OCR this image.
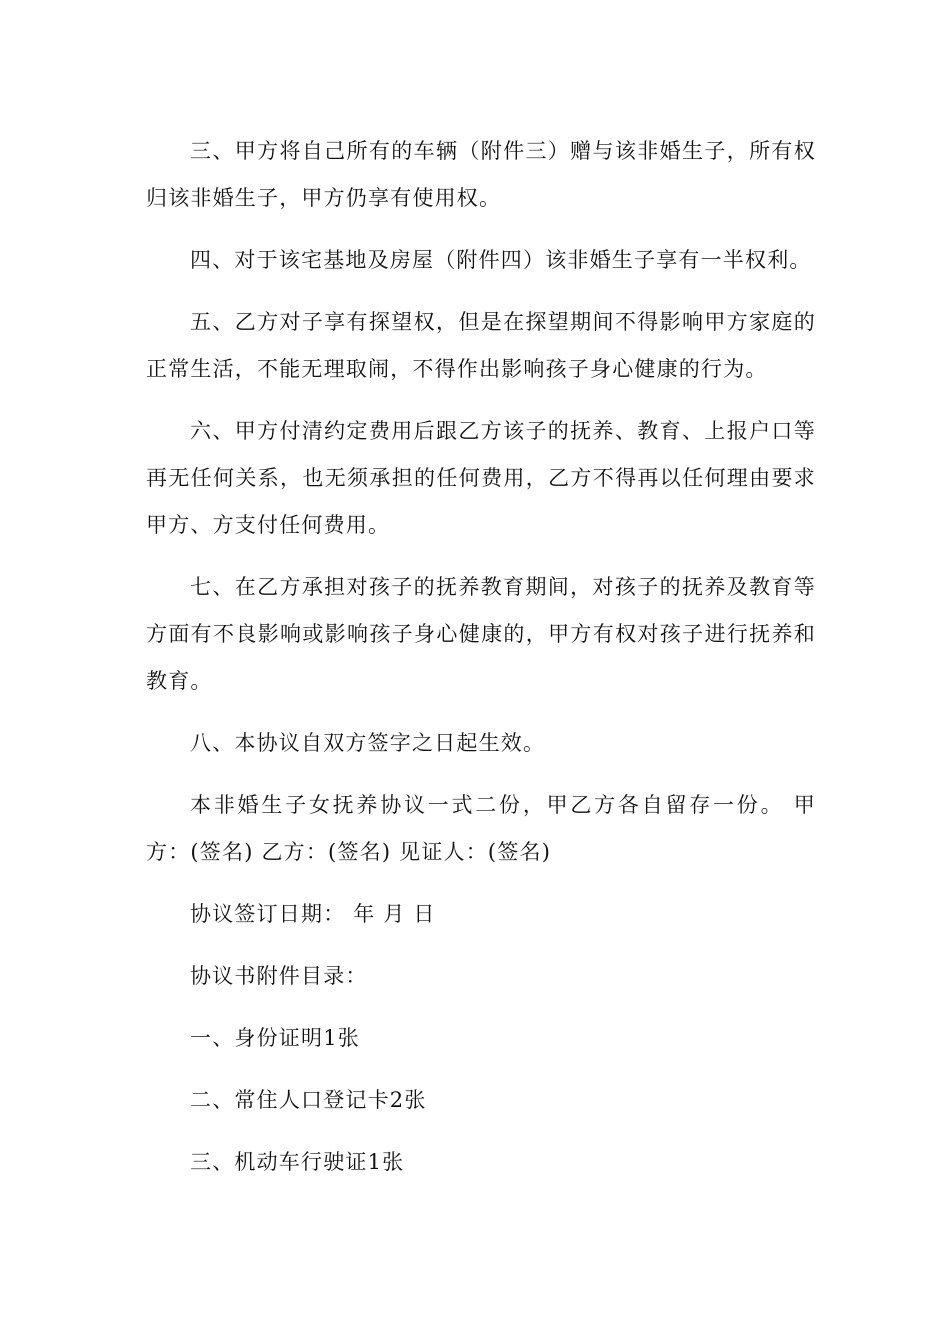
三、甲方将自己所有的车辆（附件三）赠与该非婚生子，所有权归该非婚生子，甲方仍享有使用权。

四、对于该宅基地及房屋（附件四）该非婚生子享有一半权利。

五、乙方对子享有探望权，但是在探望期间不得影响甲方家庭的正常生活，不能无理取闹，不得作出影响孩子身心健康的行为。

六、甲方付清约定费用后跟乙方该子的抚养、教育、上报户口等再无任何关系，也无须承担的任何费用，乙方不得再以任何理由要求甲方、方支付任何费用。

七、在乙方承担对孩子的抚养教育期间，对孩子的抚养及教育等方面有不良影响或影响孩子身心健康的，甲方有权对孩子进行抚养和教育。

八、本协议自双方签字之日起生效。

本非婚生子女抚养协议一式二份，甲乙方各自留存一份。 甲方：(签名) 乙方：(签名) 见证人：(签名)

协议签订日期： 年 月 日

协议书附件目录：

一、身份证明1张

二、常住人口登记卡2张

三、机动车行驶证1张
